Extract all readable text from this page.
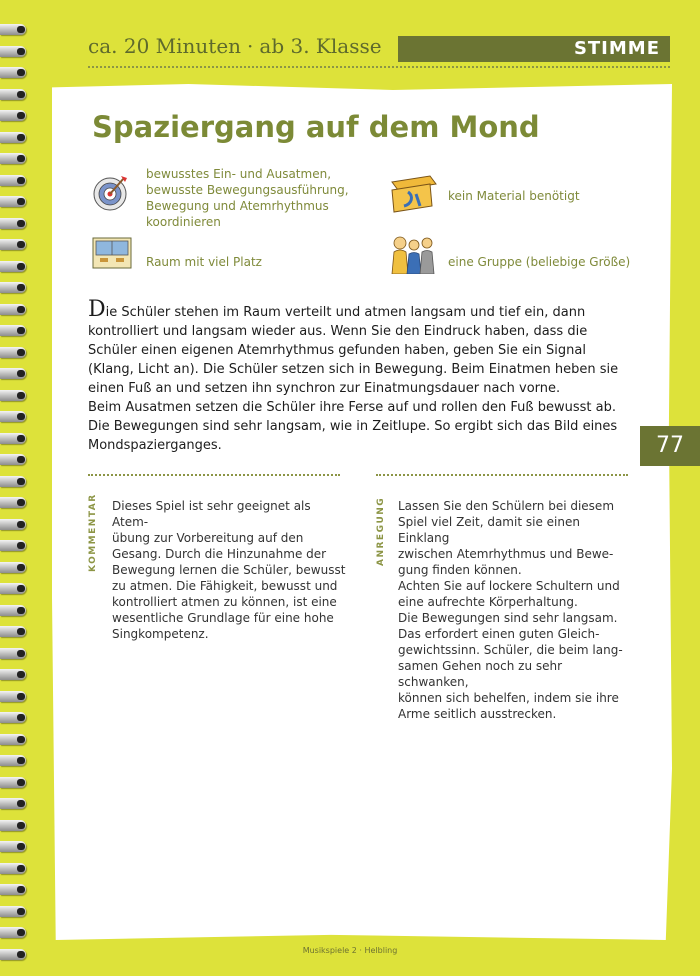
ca. 20 Minuten · ab 3. Klasse	STIMME
Spaziergang auf dem Mond
bewusstes Ein- und Ausatmen,
bewusste Bewegungsausführung,
Bewegung und Atemrhythmus
koordinieren
kein Material benötigt
Raum mit viel Platz	eine Gruppe (beliebige Größe)
Die Schüler stehen im Raum verteilt und atmen langsam und tief ein, dann
kontrolliert und langsam wieder aus. Wenn Sie den Eindruck haben, dass die
Schüler einen eigenen Atemrhythmus gefunden haben, geben Sie ein Signal
(Klang, Licht an). Die Schüler setzen sich in Bewegung. Beim Einatmen heben sie
einen Fuß an und setzen ihn synchron zur Einatmungsdauer nach vorne.
Beim Ausatmen setzen die Schüler ihre Ferse auf und rollen den Fuß bewusst ab.
Die Bewegungen sind sehr langsam, wie in Zeitlupe. So ergibt sich das Bild eines
Mondspazierganges.
KOMMENTAR Dieses Spiel ist sehr geeignet als Atem-
übung zur Vorbereitung auf den
Gesang. Durch die Hinzunahme der
Bewegung lernen die Schüler, bewusst
zu atmen. Die Fähigkeit, bewusst und
kontrolliert atmen zu können, ist eine
wesentliche Grundlage für eine hohe
Singkompetenz.
ANREGUNG Lassen Sie den Schülern bei diesem
Spiel viel Zeit, damit sie einen Einklang
zwischen Atemrhythmus und Bewe-
gung finden können.
Achten Sie auf lockere Schultern und
eine aufrechte Körperhaltung.
Die Bewegungen sind sehr langsam.
Das erfordert einen guten Gleich-
gewichtssinn. Schüler, die beim lang-
samen Gehen noch zu sehr schwanken,
können sich behelfen, indem sie ihre
Arme seitlich ausstrecken.
77
Musikspiele 2 · Helbling
